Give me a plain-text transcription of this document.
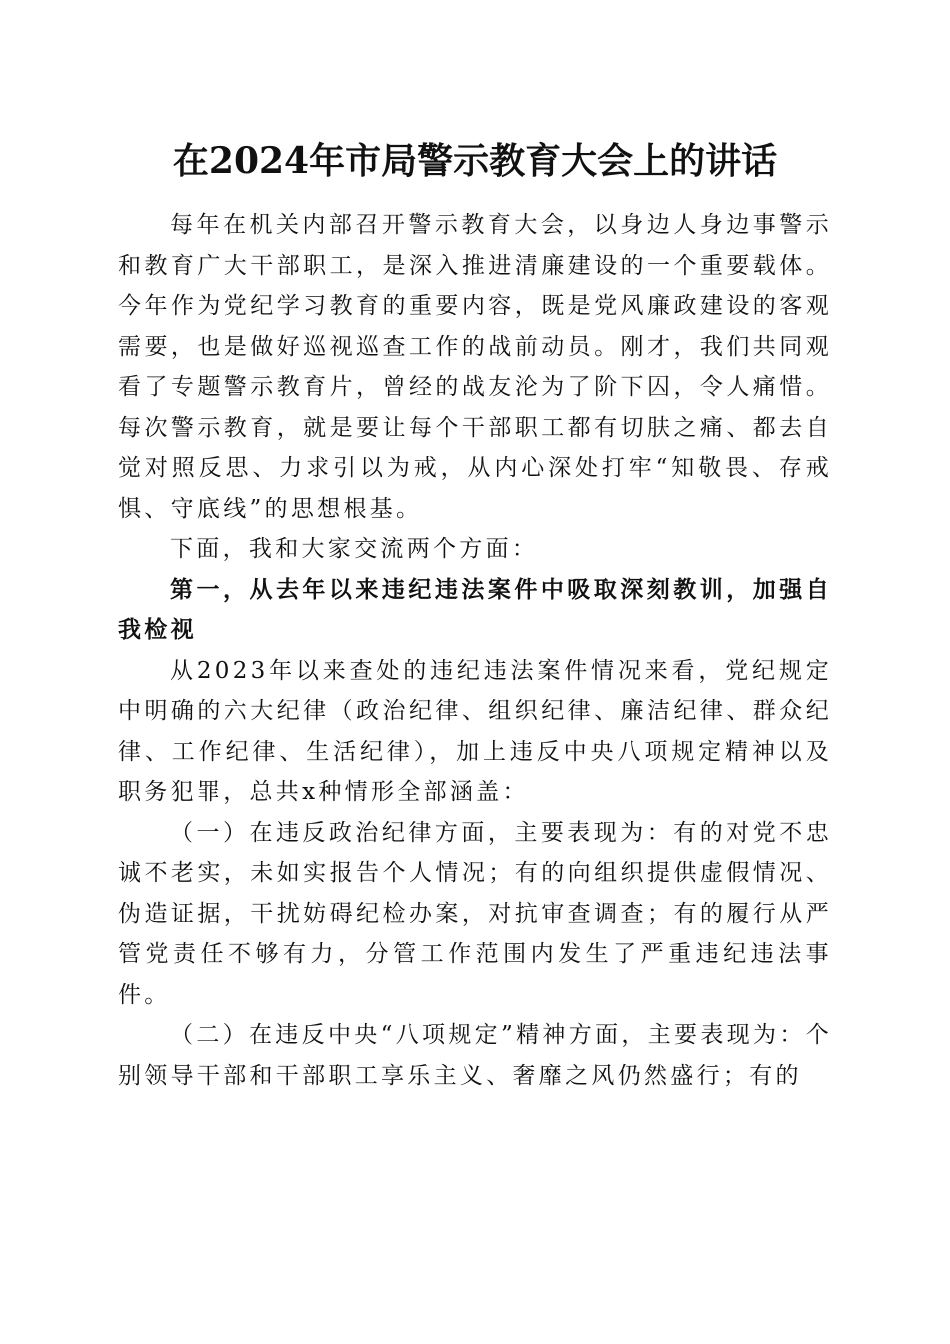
在2024年市局警示教育大会上的讲话

每年在机关内部召开警示教育大会，以身边人身边事警示和教育广大干部职工，是深入推进清廉建设的一个重要载体。今年作为党纪学习教育的重要内容，既是党风廉政建设的客观需要，也是做好巡视巡查工作的战前动员。刚才，我们共同观看了专题警示教育片，曾经的战友沦为了阶下囚，令人痛惜。每次警示教育，就是要让每个干部职工都有切肤之痛、都去自觉对照反思、力求引以为戒，从内心深处打牢“知敬畏、存戒惧、守底线”的思想根基。

下面，我和大家交流两个方面：

第一，从去年以来违纪违法案件中吸取深刻教训，加强自我检视

从2023年以来查处的违纪违法案件情况来看，党纪规定中明确的六大纪律（政治纪律、组织纪律、廉洁纪律、群众纪律、工作纪律、生活纪律），加上违反中央八项规定精神以及职务犯罪，总共x种情形全部涵盖：

（一）在违反政治纪律方面，主要表现为：有的对党不忠诚不老实，未如实报告个人情况；有的向组织提供虚假情况、伪造证据，干扰妨碍纪检办案，对抗审查调查；有的履行从严管党责任不够有力，分管工作范围内发生了严重违纪违法事件。

（二）在违反中央“八项规定”精神方面，主要表现为：个别领导干部和干部职工享乐主义、奢靡之风仍然盛行；有的
